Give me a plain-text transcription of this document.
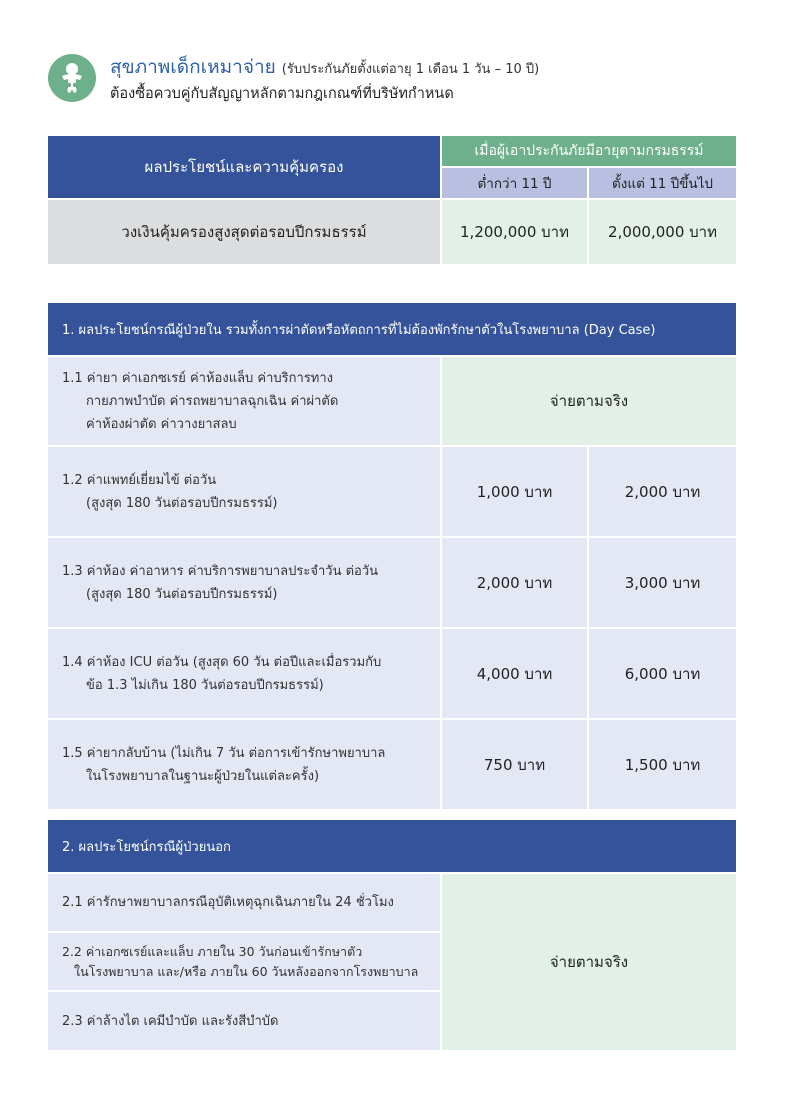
สุขภาพเด็กเหมาจ่าย (รับประกันภัยตั้งแต่อายุ 1 เดือน 1 วัน – 10 ปี)
ต้องซื้อควบคู่กับสัญญาหลักตามกฎเกณฑ์ที่บริษัทกำหนด
ผลประโยชน์และความคุ้มครอง	เมื่อผู้เอาประกันภัยมีอายุตามกรมธรรม์	
	ต่ำกว่า 11 ปี	ตั้งแต่ 11 ปีขึ้นไป
วงเงินคุ้มครองสูงสุดต่อรอบปีกรมธรรม์	1,200,000 บาท	2,000,000 บาท
1. ผลประโยชน์กรณีผู้ป่วยใน รวมทั้งการผ่าตัดหรือหัตถการที่ไม่ต้องพักรักษาตัวในโรงพยาบาล (Day Case)		
1.1 ค่ายา ค่าเอกซเรย์ ค่าห้องแล็บ ค่าบริการทาง
กายภาพบำบัด ค่ารถพยาบาลฉุกเฉิน ค่าผ่าตัด
ค่าห้องผ่าตัด ค่าวางยาสลบ	จ่ายตามจริง	
1.2 ค่าแพทย์เยี่ยมไข้ ต่อวัน
(สูงสุด 180 วันต่อรอบปีกรมธรรม์)	1,000 บาท	2,000 บาท
1.3 ค่าห้อง ค่าอาหาร ค่าบริการพยาบาลประจำวัน ต่อวัน
(สูงสุด 180 วันต่อรอบปีกรมธรรม์)	2,000 บาท	3,000 บาท
1.4 ค่าห้อง ICU ต่อวัน (สูงสุด 60 วัน ต่อปีและเมื่อรวมกับ
ข้อ 1.3 ไม่เกิน 180 วันต่อรอบปีกรมธรรม์)	4,000 บาท	6,000 บาท
1.5 ค่ายากลับบ้าน (ไม่เกิน 7 วัน ต่อการเข้ารักษาพยาบาล
ในโรงพยาบาลในฐานะผู้ป่วยในแต่ละครั้ง)	750 บาท	1,500 บาท
2. ผลประโยชน์กรณีผู้ป่วยนอก
2.1 ค่ารักษาพยาบาลกรณีอุบัติเหตุฉุกเฉินภายใน 24 ชั่วโมง	จ่ายตามจริง
2.2 ค่าเอกซเรย์และแล็บ ภายใน 30 วันก่อนเข้ารักษาตัว
ในโรงพยาบาล และ/หรือ ภายใน 60 วันหลังออกจากโรงพยาบาล

2.3 ค่าล้างไต เคมีบำบัด และรังสีบำบัด
